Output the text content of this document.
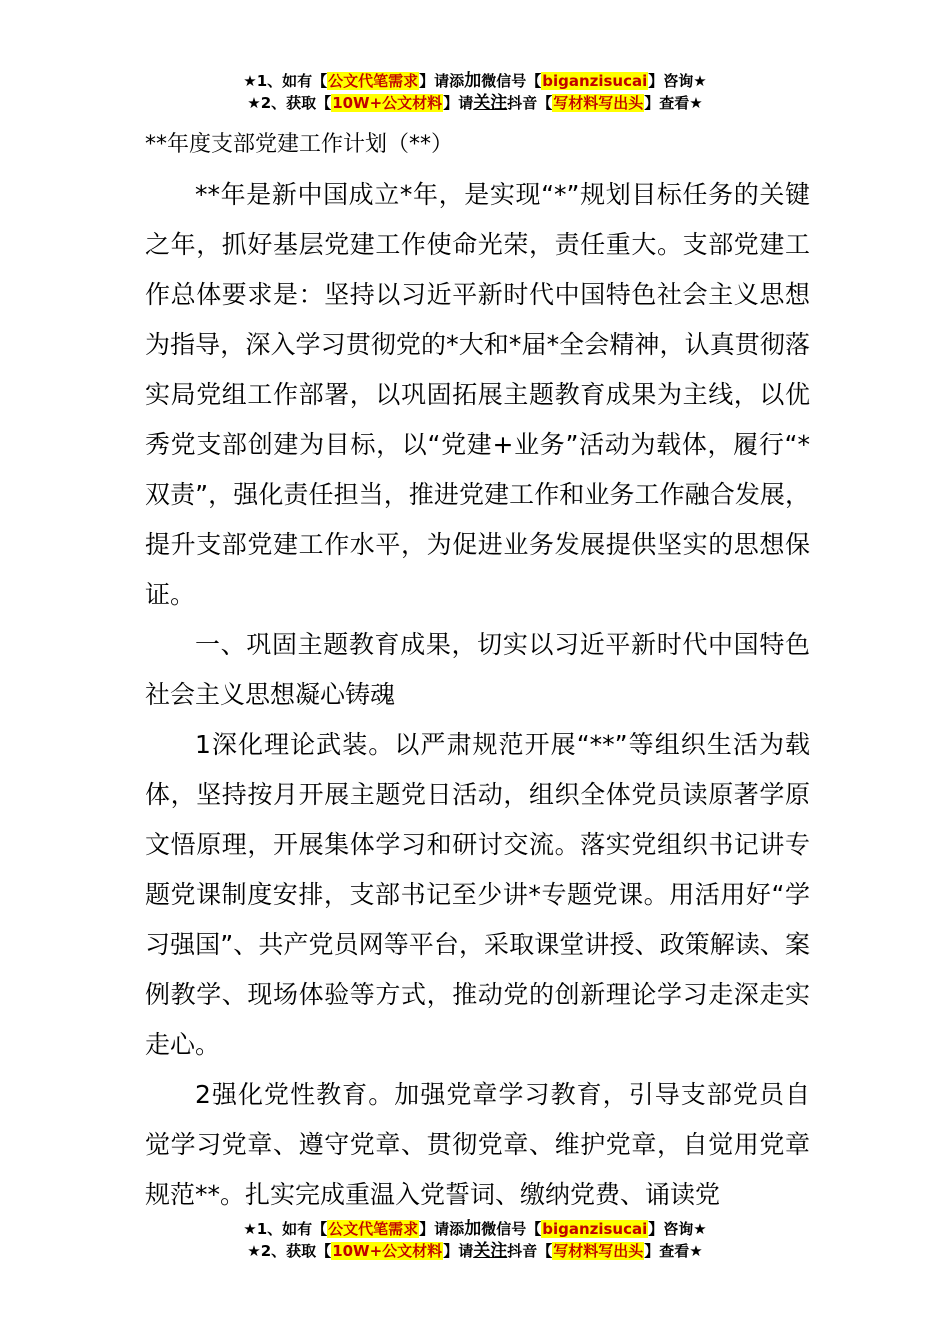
★1、如有【公文代笔需求】请添加微信号【biganzisucai】咨询★
★2、获取【10W+公文材料】请关注抖音【写材料写出头】查看★
**年度支部党建工作计划（**）

**年是新中国成立*年，是实现“*”规划目标任务的关键之年，抓好基层党建工作使命光荣，责任重大。支部党建工作总体要求是：坚持以习近平新时代中国特色社会主义思想为指导，深入学习贯彻党的*大和*届*全会精神，认真贯彻落实局党组工作部署，以巩固拓展主题教育成果为主线，以优秀党支部创建为目标，以“党建+业务”活动为载体，履行“*双责”，强化责任担当，推进党建工作和业务工作融合发展，提升支部党建工作水平，为促进业务发展提供坚实的思想保证。

一、巩固主题教育成果，切实以习近平新时代中国特色社会主义思想凝心铸魂

1深化理论武装。以严肃规范开展“**”等组织生活为载体，坚持按月开展主题党日活动，组织全体党员读原著学原文悟原理，开展集体学习和研讨交流。落实党组织书记讲专题党课制度安排，支部书记至少讲*专题党课。用活用好“学习强国”、共产党员网等平台，采取课堂讲授、政策解读、案例教学、现场体验等方式，推动党的创新理论学习走深走实走心。

2强化党性教育。加强党章学习教育，引导支部党员自觉学习党章、遵守党章、贯彻党章、维护党章，自觉用党章规范**。扎实完成重温入党誓词、缴纳党费、诵读党

★1、如有【公文代笔需求】请添加微信号【biganzisucai】咨询★
★2、获取【10W+公文材料】请关注抖音【写材料写出头】查看★
